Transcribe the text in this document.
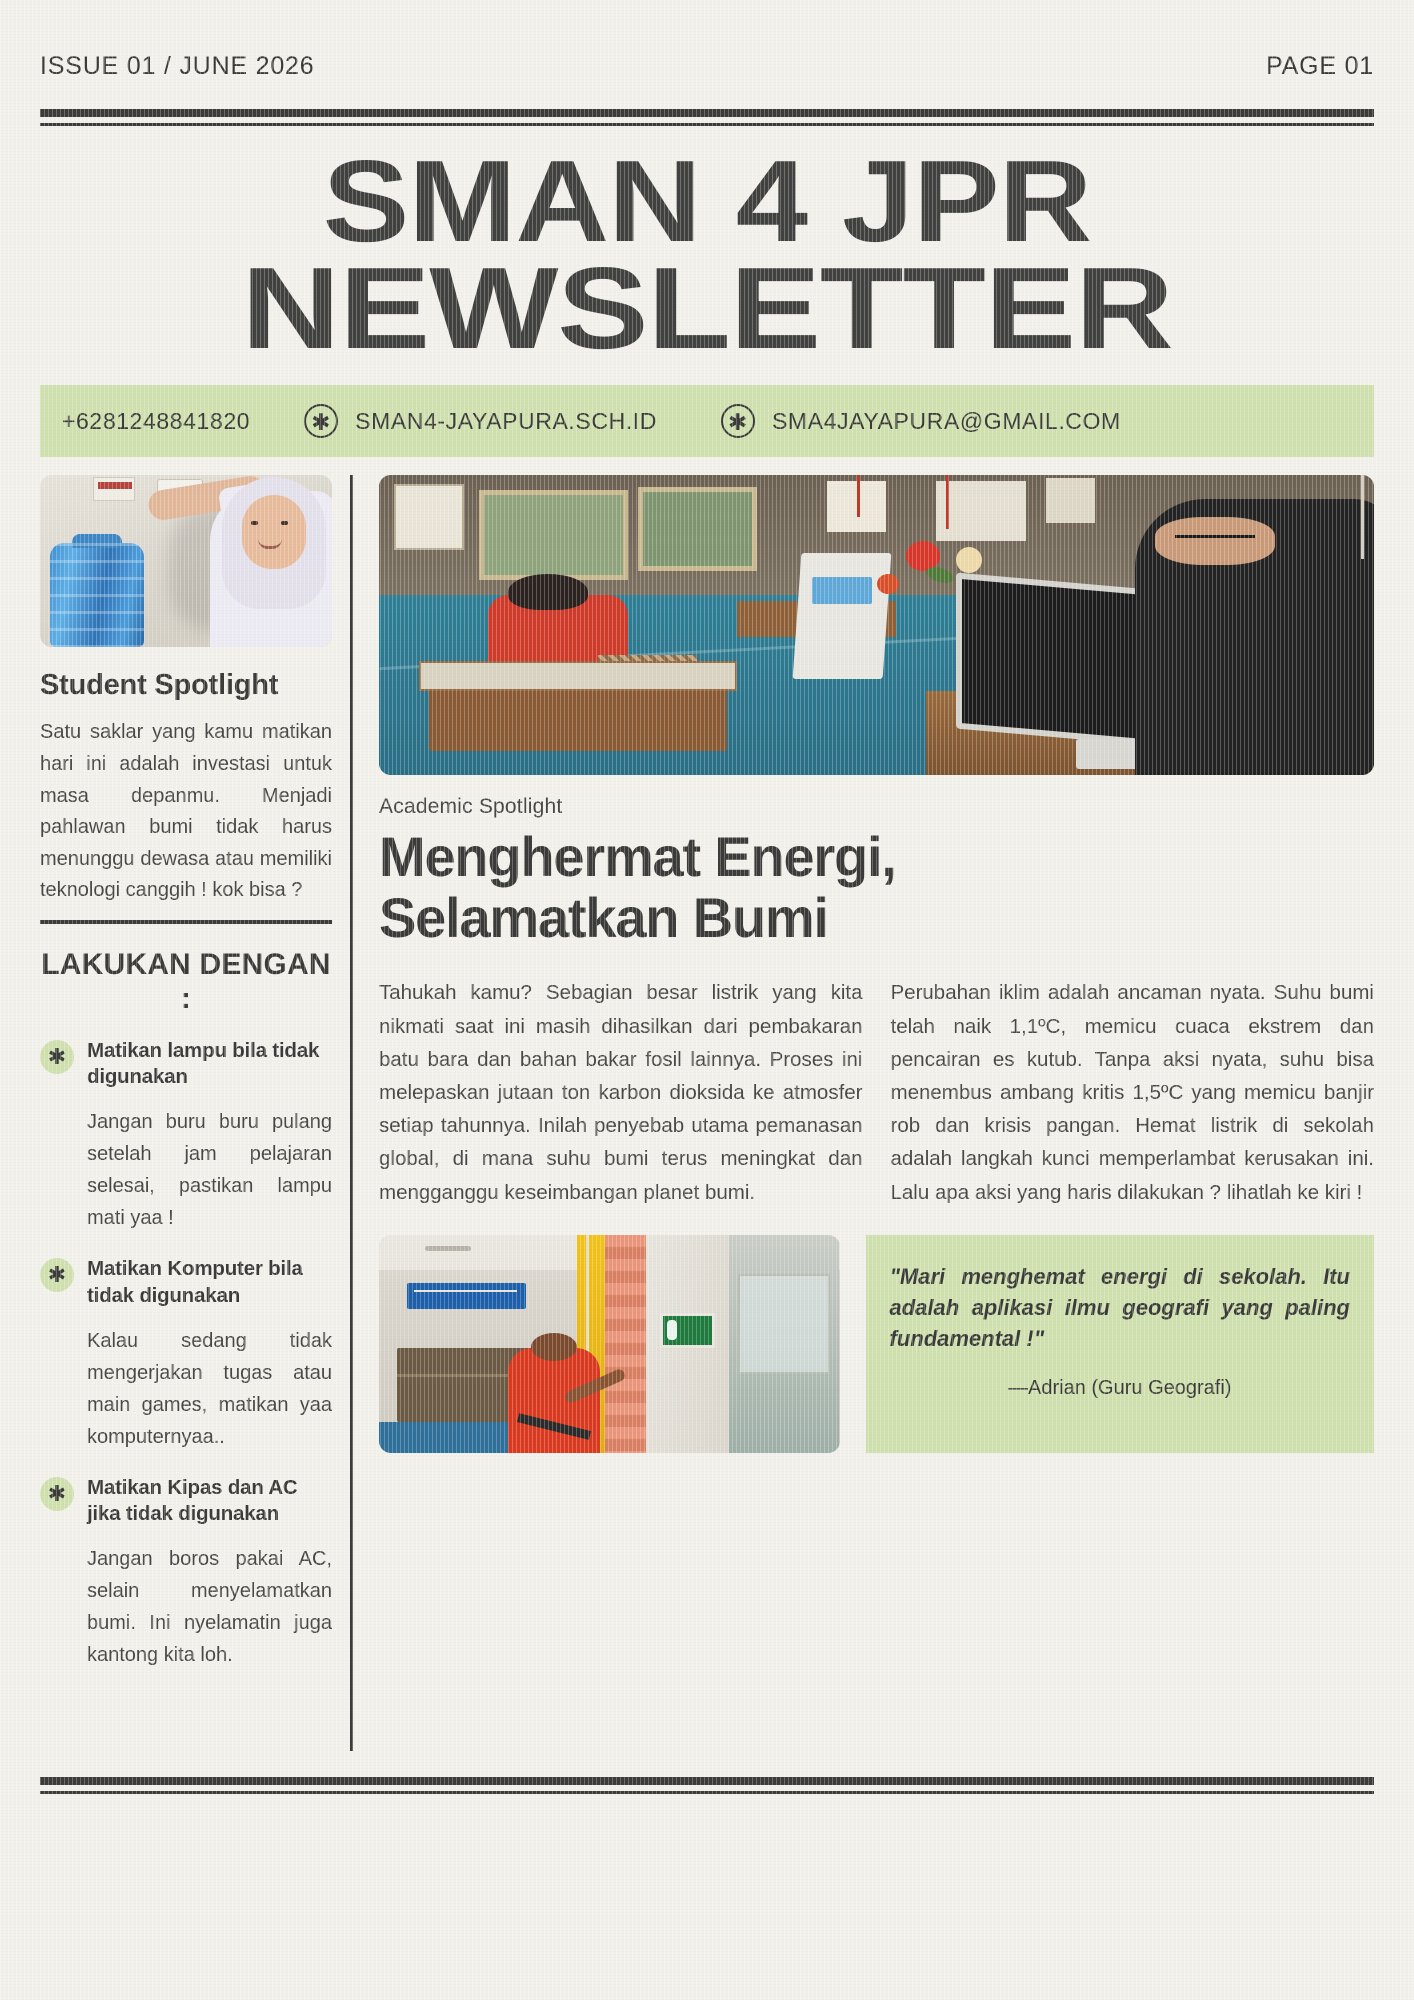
ISSUE 01 / JUNE 2026	PAGE 01
SMAN 4 JPR
NEWSLETTER
+6281248841820	✱ SMAN4-JAYAPURA.SCH.ID	✱ SMA4JAYAPURA@GMAIL.COM
Student Spotlight
Satu saklar yang kamu matikan hari ini adalah investasi untuk masa depanmu. Menjadi pahlawan bumi tidak harus menunggu dewasa atau memiliki teknologi canggih ! kok bisa ?
LAKUKAN DENGAN :
✱	Matikan lampu bila tidak digunakan
Jangan buru buru pulang setelah jam pelajaran selesai, pastikan lampu mati yaa !
✱	Matikan Komputer bila tidak digunakan
Kalau sedang tidak mengerjakan tugas atau main games, matikan yaa komputernyaa..
✱	Matikan Kipas dan AC jika tidak digunakan
Jangan boros pakai AC, selain menyelamatkan bumi. Ini nyelamatin juga kantong kita loh.
Academic Spotlight
Menghermat Energi,
Selamatkan Bumi
Tahukah kamu? Sebagian besar listrik yang kita nikmati saat ini masih dihasilkan dari pembakaran batu bara dan bahan bakar fosil lainnya. Proses ini melepaskan jutaan ton karbon dioksida ke atmosfer setiap tahunnya. Inilah penyebab utama pemanasan global, di mana suhu bumi terus meningkat dan mengganggu keseimbangan planet bumi.
Perubahan iklim adalah ancaman nyata. Suhu bumi telah naik 1,1ºC, memicu cuaca ekstrem dan pencairan es kutub. Tanpa aksi nyata, suhu bisa menembus ambang kritis 1,5ºC yang memicu banjir rob dan krisis pangan. Hemat listrik di sekolah adalah langkah kunci memperlambat kerusakan ini. Lalu apa aksi yang haris dilakukan ? lihatlah ke kiri !
"Mari menghemat energi di sekolah. Itu adalah aplikasi ilmu geografi yang paling fundamental !"
—Adrian (Guru Geografi)
